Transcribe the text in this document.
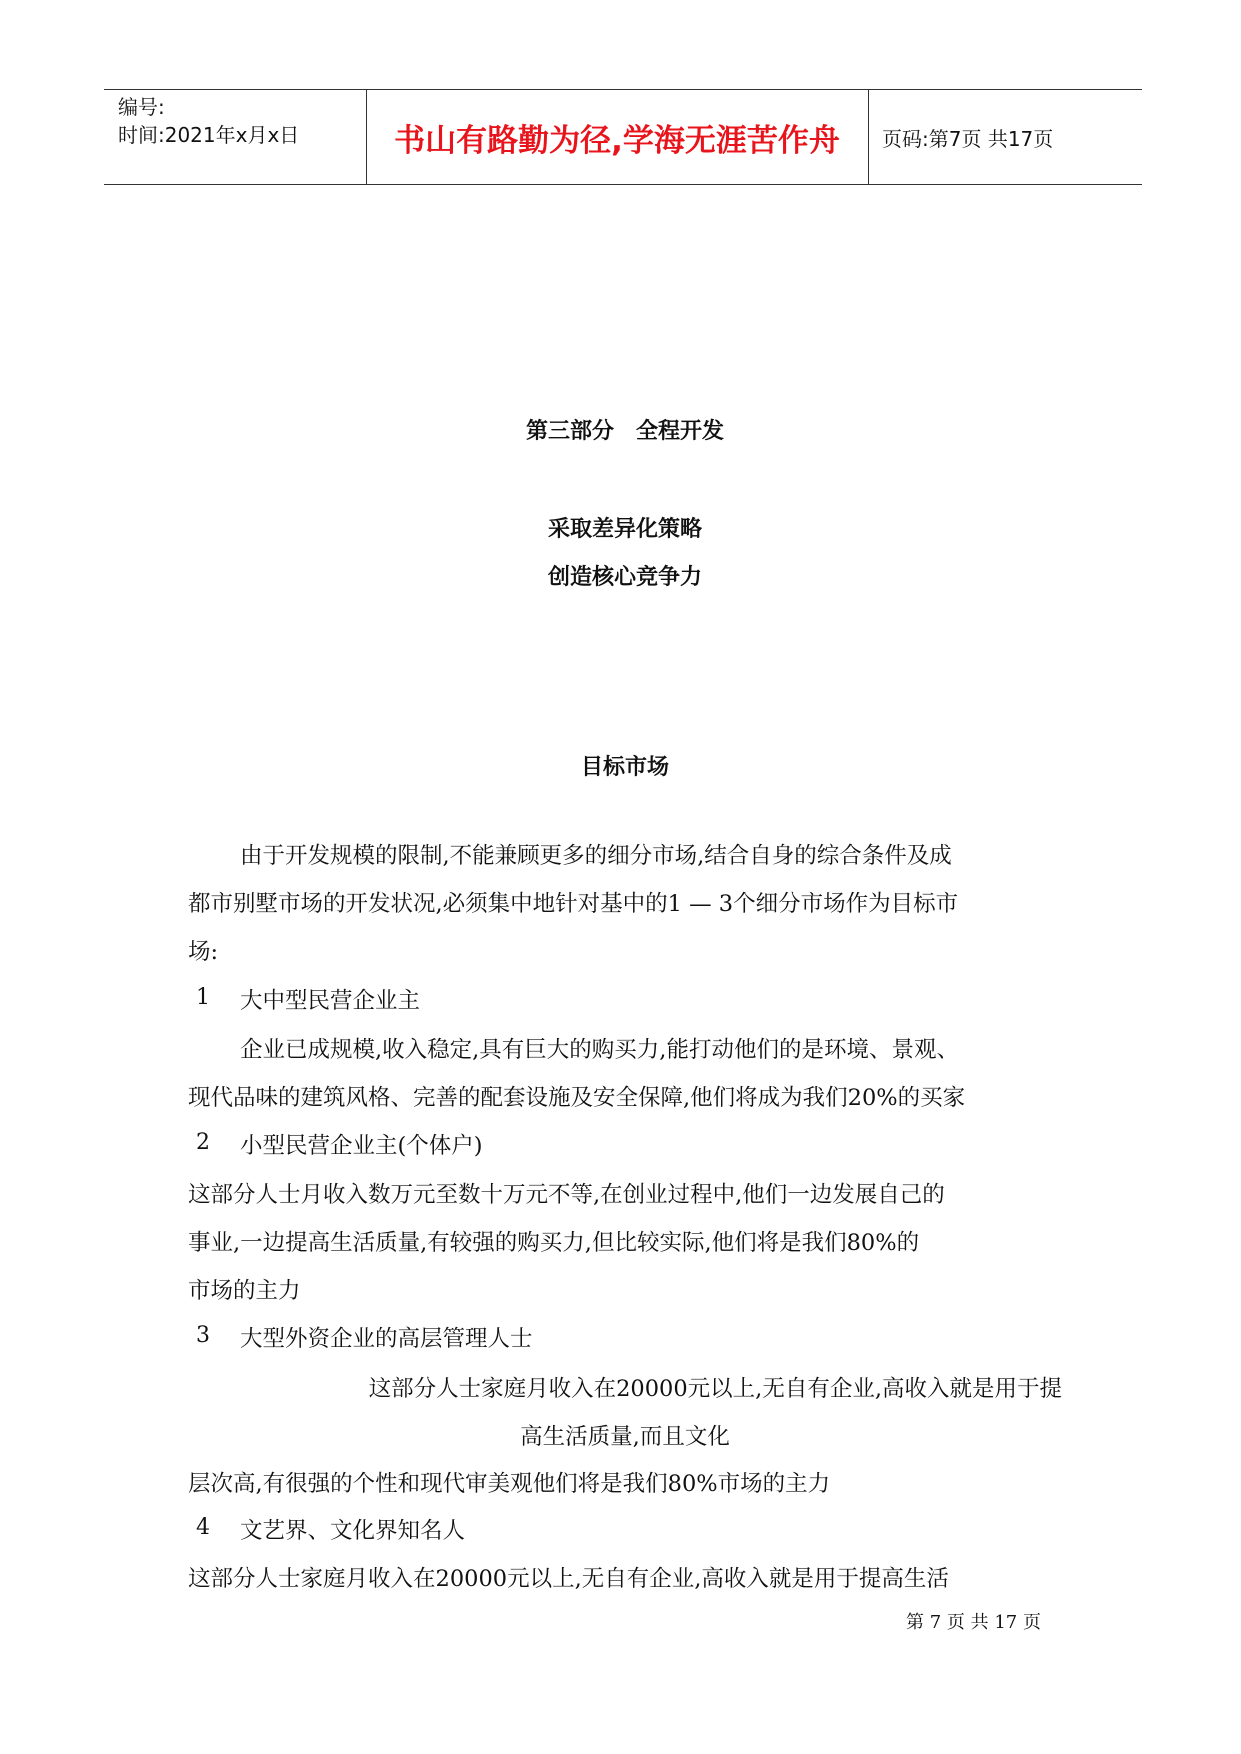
编号:
时间:2021年x月x日	书山有路勤为径,学海无涯苦作舟	页码:第7页 共17页
第三部分　全程开发
采取差异化策略
创造核心竞争力
目标市场
由于开发规模的限制,不能兼顾更多的细分市场,结合自身的综合条件及成
都市别墅市场的开发状况,必须集中地针对基中的1 — 3个细分市场作为目标市
场:
1 大中型民营企业主
企业已成规模,收入稳定,具有巨大的购买力,能打动他们的是环境、景观、
现代品味的建筑风格、完善的配套设施及安全保障,他们将成为我们20%的买家
2 小型民营企业主(个体户)
这部分人士月收入数万元至数十万元不等,在创业过程中,他们一边发展自己的
事业,一边提高生活质量,有较强的购买力,但比较实际,他们将是我们80%的
市场的主力
3 大型外资企业的高层管理人士
这部分人士家庭月收入在20000元以上,无自有企业,高收入就是用于提
高生活质量,而且文化
层次高,有很强的个性和现代审美观他们将是我们80%市场的主力
4 文艺界、文化界知名人
这部分人士家庭月收入在20000元以上,无自有企业,高收入就是用于提高生活
第 7 页 共 17 页
